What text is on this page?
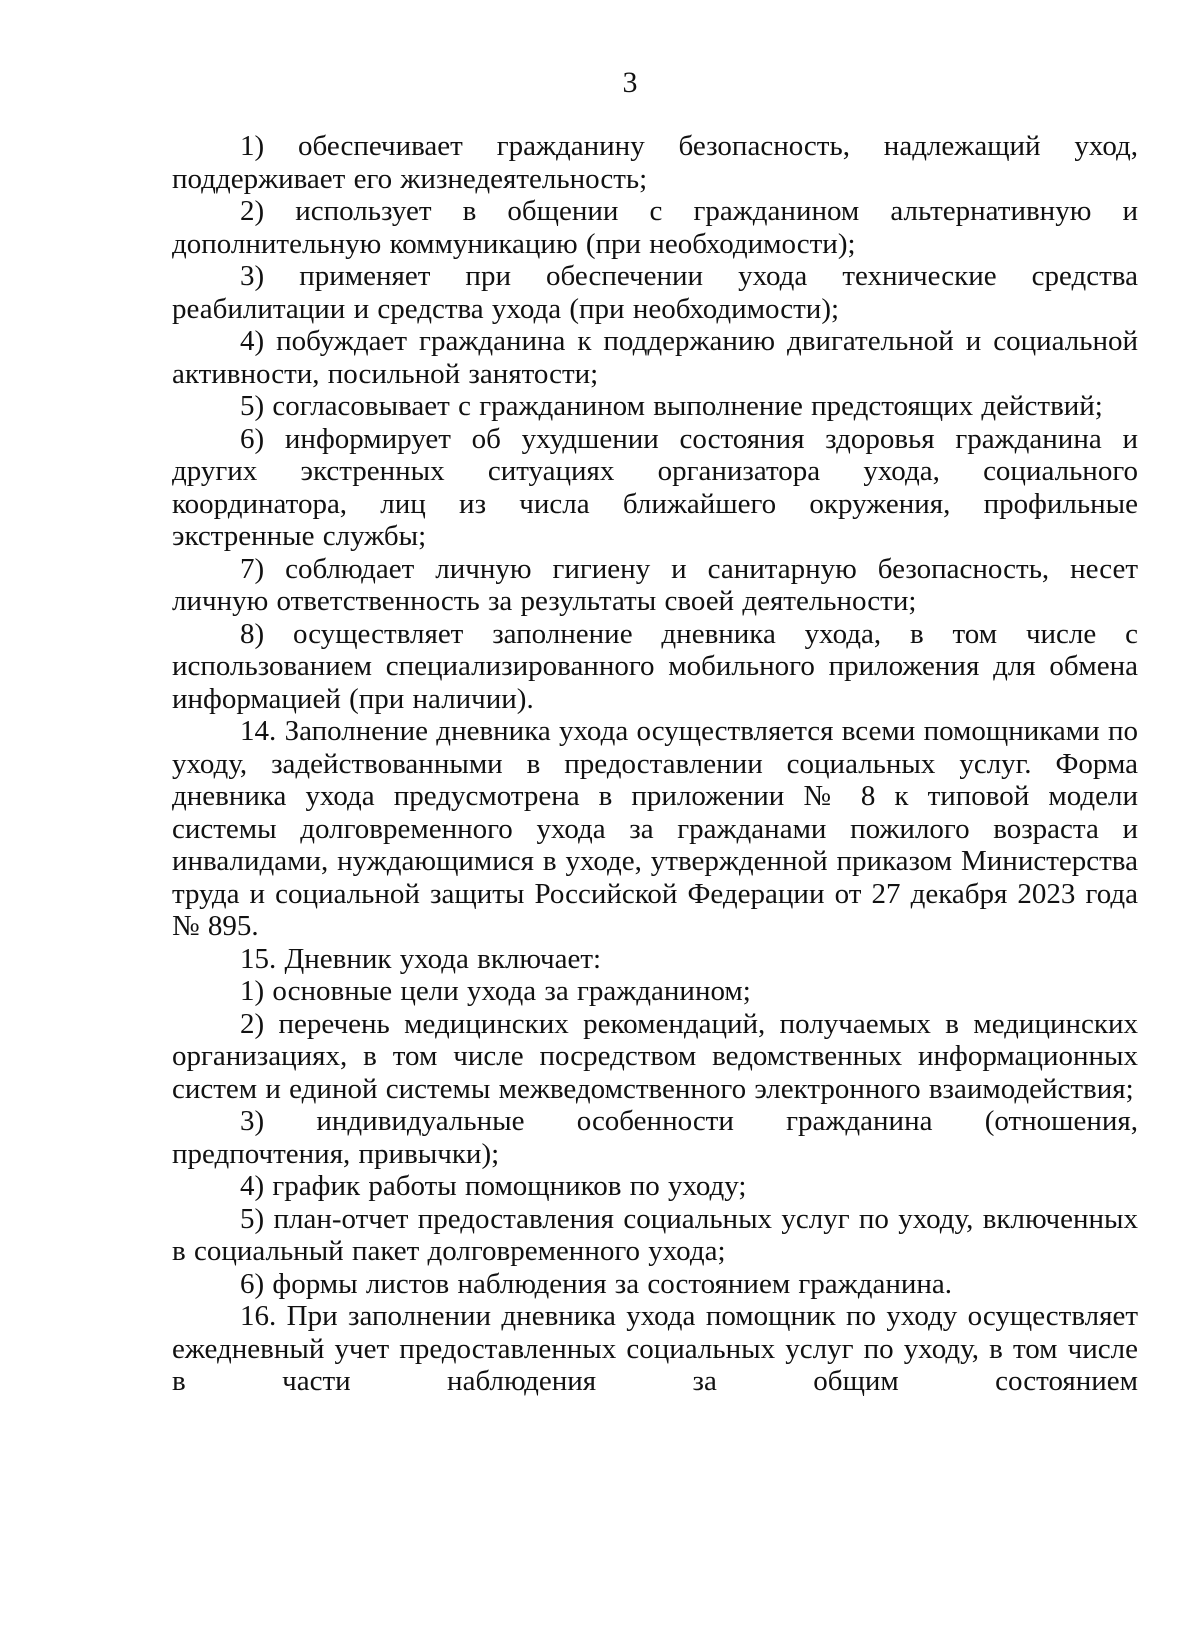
3

1) обеспечивает гражданину безопасность, надлежащий уход, поддерживает его жизнедеятельность;

2) использует в общении с гражданином альтернативную и дополнительную коммуникацию (при необходимости);

3) применяет при обеспечении ухода технические средства реабилитации и средства ухода (при необходимости);

4) побуждает гражданина к поддержанию двигательной и социальной активности, посильной занятости;

5) согласовывает с гражданином выполнение предстоящих действий;

6) информирует об ухудшении состояния здоровья гражданина и других экстренных ситуациях организатора ухода, социального координатора, лиц из числа ближайшего окружения, профильные экстренные службы;

7) соблюдает личную гигиену и санитарную безопасность, несет личную ответственность за результаты своей деятельности;

8) осуществляет заполнение дневника ухода, в том числе с использованием специализированного мобильного приложения для обмена информацией (при наличии).

14. Заполнение дневника ухода осуществляется всеми помощниками по уходу, задействованными в предоставлении социальных услуг. Форма дневника ухода предусмотрена в приложении № 8 к типовой модели системы долговременного ухода за гражданами пожилого возраста и инвалидами, нуждающимися в уходе, утвержденной приказом Министерства труда и социальной защиты Российской Федерации от 27 декабря 2023 года № 895.

15. Дневник ухода включает:

1) основные цели ухода за гражданином;

2) перечень медицинских рекомендаций, получаемых в медицинских организациях, в том числе посредством ведомственных информационных систем и единой системы межведомственного электронного взаимодействия;

3) индивидуальные особенности гражданина (отношения, предпочтения, привычки);

4) график работы помощников по уходу;

5) план-отчет предоставления социальных услуг по уходу, включенных в социальный пакет долговременного ухода;

6) формы листов наблюдения за состоянием гражданина.

16. При заполнении дневника ухода помощник по уходу осуществляет ежедневный учет предоставленных социальных услуг по уходу, в том числе в части наблюдения за общим состоянием
